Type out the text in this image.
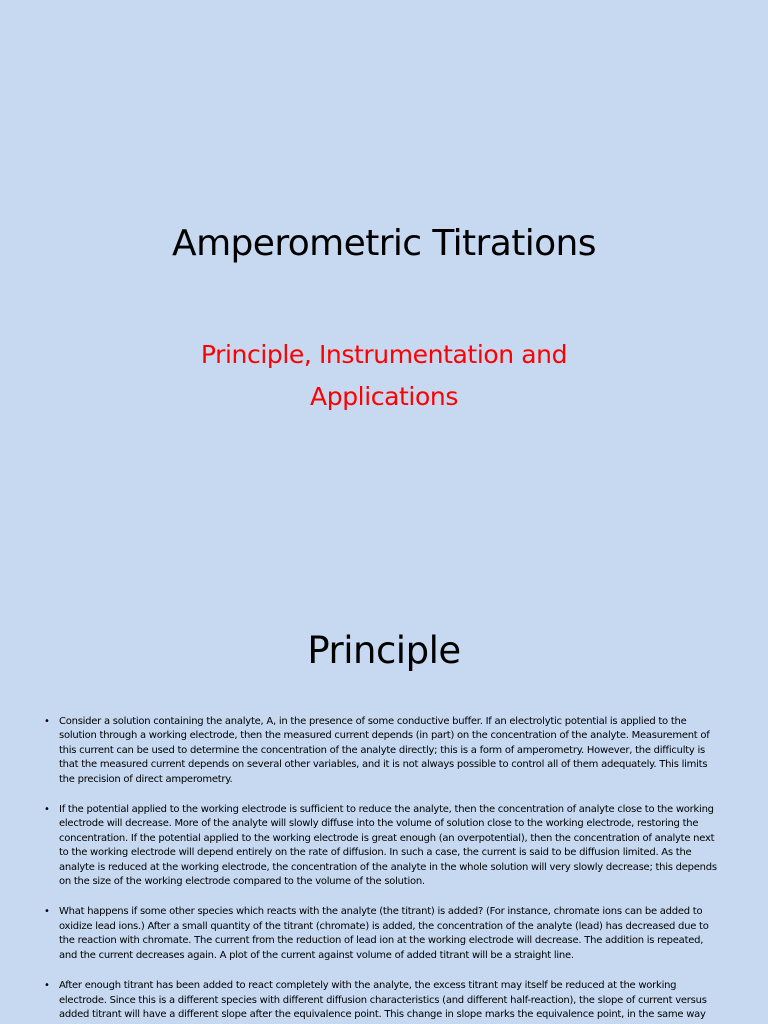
Amperometric Titrations

Principle, Instrumentation and Applications

Principle
• Consider a solution containing the analyte, A, in the presence of some conductive buffer. If an electrolytic potential is applied to the solution through a working electrode, then the measured current depends (in part) on the concentration of the analyte. Measurement of this current can be used to determine the concentration of the analyte directly; this is a form of amperometry. However, the difficulty is that the measured current depends on several other variables, and it is not always possible to control all of them adequately. This limits the precision of direct amperometry.
• If the potential applied to the working electrode is sufficient to reduce the analyte, then the concentration of analyte close to the working electrode will decrease. More of the analyte will slowly diffuse into the volume of solution close to the working electrode, restoring the concentration. If the potential applied to the working electrode is great enough (an overpotential), then the concentration of analyte next to the working electrode will depend entirely on the rate of diffusion. In such a case, the current is said to be diffusion limited. As the analyte is reduced at the working electrode, the concentration of the analyte in the whole solution will very slowly decrease; this depends on the size of the working electrode compared to the volume of the solution.
• What happens if some other species which reacts with the analyte (the titrant) is added? (For instance, chromate ions can be added to oxidize lead ions.) After a small quantity of the titrant (chromate) is added, the concentration of the analyte (lead) has decreased due to the reaction with chromate. The current from the reduction of lead ion at the working electrode will decrease. The addition is repeated, and the current decreases again. A plot of the current against volume of added titrant will be a straight line.
• After enough titrant has been added to react completely with the analyte, the excess titrant may itself be reduced at the working electrode. Since this is a different species with different diffusion characteristics (and different half-reaction), the slope of current versus added titrant will have a different slope after the equivalence point. This change in slope marks the equivalence point, in the same way
